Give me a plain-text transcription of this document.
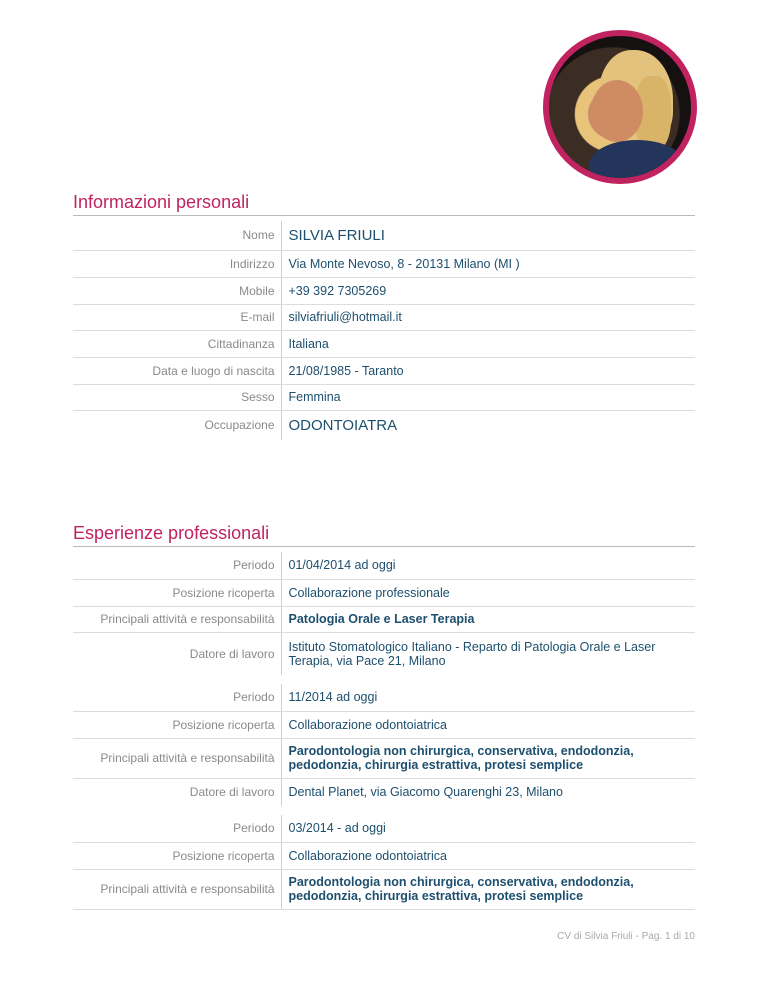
Informazioni personali
Nome	SILVIA FRIULI
Indirizzo	Via Monte Nevoso, 8 - 20131 Milano (MI )
Mobile	+39 392 7305269
E-mail	silviafriuli@hotmail.it
Cittadinanza	Italiana
Data e luogo di nascita	21/08/1985 - Taranto
Sesso	Femmina
Occupazione	ODONTOIATRA
Esperienze professionali
Periodo	01/04/2014 ad oggi
Posizione ricoperta	Collaborazione professionale
Principali attività e responsabilità	Patologia Orale e Laser Terapia
Datore di lavoro	Istituto Stomatologico Italiano - Reparto di Patologia Orale e Laser Terapia, via Pace 21, Milano
Periodo	11/2014 ad oggi
Posizione ricoperta	Collaborazione odontoiatrica
Principali attività e responsabilità	Parodontologia non chirurgica, conservativa, endodonzia, pedodonzia, chirurgia estrattiva, protesi semplice
Datore di lavoro	Dental Planet, via Giacomo Quarenghi 23, Milano
Periodo	03/2014 - ad oggi
Posizione ricoperta	Collaborazione odontoiatrica
Principali attività e responsabilità	Parodontologia non chirurgica, conservativa, endodonzia, pedodonzia, chirurgia estrattiva, protesi semplice
CV di Silvia Friuli - Pag. 1 di 10
